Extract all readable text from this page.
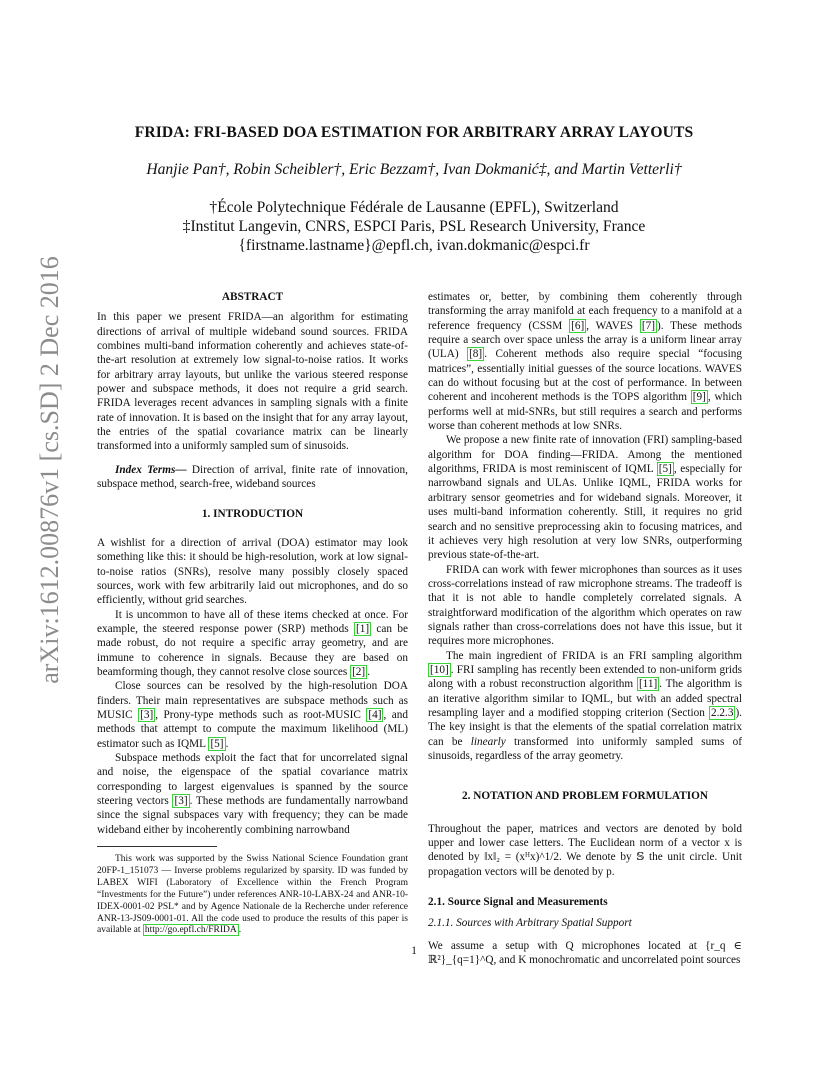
FRIDA: FRI-BASED DOA ESTIMATION FOR ARBITRARY ARRAY LAYOUTS
Hanjie Pan†, Robin Scheibler†, Eric Bezzam†, Ivan Dokmanić‡, and Martin Vetterli†
†École Polytechnique Fédérale de Lausanne (EPFL), Switzerland
‡Institut Langevin, CNRS, ESPCI Paris, PSL Research University, France
{firstname.lastname}@epfl.ch, ivan.dokmanic@espci.fr
arXiv:1612.00876v1 [cs.SD] 2 Dec 2016	ABSTRACT

In this paper we present FRIDA—an algorithm for estimating directions of arrival of multiple wideband sound sources. FRIDA combines multi-band information coherently and achieves state-of-the-art resolution at extremely low signal-to-noise ratios. It works for arbitrary array layouts, but unlike the various steered response power and subspace methods, it does not require a grid search. FRIDA leverages recent advances in sampling signals with a finite rate of innovation. It is based on the insight that for any array layout, the entries of the spatial covariance matrix can be linearly transformed into a uniformly sampled sum of sinusoids.

Index Terms— Direction of arrival, finite rate of innovation, subspace method, search-free, wideband sources

1. INTRODUCTION

A wishlist for a direction of arrival (DOA) estimator may look something like this: it should be high-resolution, work at low signal-to-noise ratios (SNRs), resolve many possibly closely spaced sources, work with few arbitrarily laid out microphones, and do so efficiently, without grid searches.

It is uncommon to have all of these items checked at once. For example, the steered response power (SRP) methods [1] can be made robust, do not require a specific array geometry, and are immune to coherence in signals. Because they are based on beamforming though, they cannot resolve close sources [2] .

Close sources can be resolved by the high-resolution DOA finders. Their main representatives are subspace methods such as MUSIC [3] , Prony-type methods such as root-MUSIC [4] , and methods that attempt to compute the maximum likelihood (ML) estimator such as IQML [5] .

Subspace methods exploit the fact that for uncorrelated signal and noise, the eigenspace of the spatial covariance matrix corresponding to largest eigenvalues is spanned by the source steering vectors [3] . These methods are fundamentally narrowband since the signal subspaces vary with frequency; they can be made wideband either by incoherently combining narrowband

This work was supported by the Swiss National Science Foundation grant 20FP-1_151073 — Inverse problems regularized by sparsity. ID was funded by LABEX WIFI (Laboratory of Excellence within the French Program “Investments for the Future”) under references ANR-10-LABX-24 and ANR-10-IDEX-0001-02 PSL* and by Agence Nationale de la Recherche under reference ANR-13-JS09-0001-01. All the code used to produce the results of this paper is available at http://go.epfl.ch/FRIDA .

estimates or, better, by combining them coherently through transforming the array manifold at each frequency to a manifold at a reference frequency (CSSM [6] , WAVES [7] ). These methods require a search over space unless the array is a uniform linear array (ULA) [8] . Coherent methods also require special “focusing matrices”, essentially initial guesses of the source locations. WAVES can do without focusing but at the cost of performance. In between coherent and incoherent methods is the TOPS algorithm [9] , which performs well at mid-SNRs, but still requires a search and performs worse than coherent methods at low SNRs.

We propose a new finite rate of innovation (FRI) sampling-based algorithm for DOA finding—FRIDA. Among the mentioned algorithms, FRIDA is most reminiscent of IQML [5] , especially for narrowband signals and ULAs. Unlike IQML, FRIDA works for arbitrary sensor geometries and for wideband signals. Moreover, it uses multi-band information coherently. Still, it requires no grid search and no sensitive preprocessing akin to focusing matrices, and it achieves very high resolution at very low SNRs, outperforming previous state-of-the-art.

FRIDA can work with fewer microphones than sources as it uses cross-correlations instead of raw microphone streams. The tradeoff is that it is not able to handle completely correlated signals. A straightforward modification of the algorithm which operates on raw signals rather than cross-correlations does not have this issue, but it requires more microphones.

The main ingredient of FRIDA is an FRI sampling algorithm [10] . FRI sampling has recently been extended to non-uniform grids along with a robust reconstruction algorithm [11] . The algorithm is an iterative algorithm similar to IQML, but with an added spectral resampling layer and a modified stopping criterion (Section 2.2.3 ). The key insight is that the elements of the spatial correlation matrix can be linearly transformed into uniformly sampled sums of sinusoids, regardless of the array geometry.

2. NOTATION AND PROBLEM FORMULATION

Throughout the paper, matrices and vectors are denoted by bold upper and lower case letters. The Euclidean norm of a vector x is denoted by ‖x‖₂ = (xᴴx)^1/2. We denote by 𝕊 the unit circle. Unit propagation vectors will be denoted by p.

2.1. Source Signal and Measurements
2.1.1. Sources with Arbitrary Spatial Support

We assume a setup with Q microphones located at {r_q ∈ ℝ²}_{q=1}^Q, and K monochromatic and uncorrelated point sources

1
